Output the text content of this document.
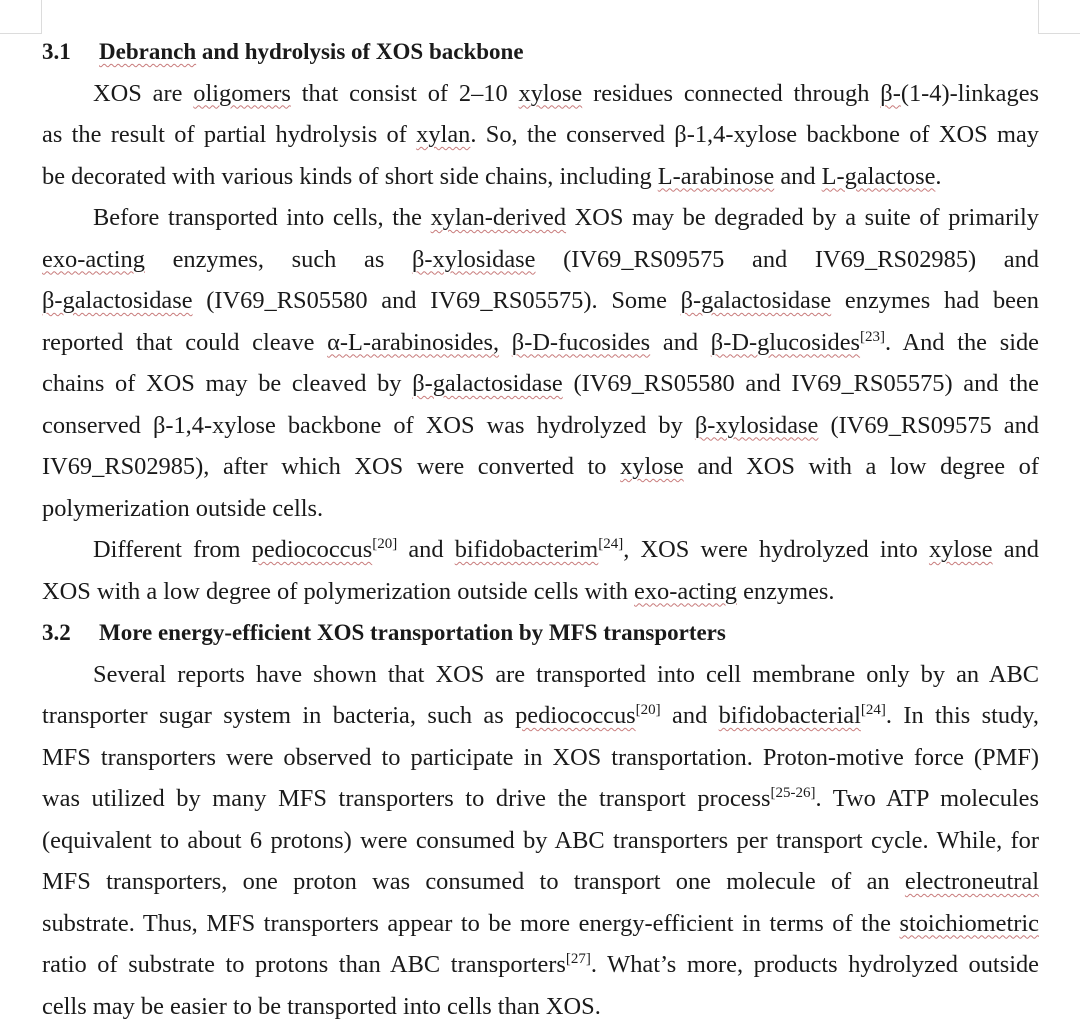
3.1 Debranch and hydrolysis of XOS backbone
XOS are oligomers that consist of 2–10 xylose residues connected through β-(1-4)-linkages
as the result of partial hydrolysis of xylan. So, the conserved β-1,4-xylose backbone of XOS may
be decorated with various kinds of short side chains, including L-arabinose and L-galactose.
Before transported into cells, the xylan-derived XOS may be degraded by a suite of primarily
exo-acting enzymes, such as β-xylosidase (IV69_RS09575 and IV69_RS02985) and
β-galactosidase (IV69_RS05580 and IV69_RS05575). Some β-galactosidase enzymes had been
reported that could cleave α-L-arabinosides, β-D-fucosides and β-D-glucosides[23]. And the side
chains of XOS may be cleaved by β-galactosidase (IV69_RS05580 and IV69_RS05575) and the
conserved β-1,4-xylose backbone of XOS was hydrolyzed by β-xylosidase (IV69_RS09575 and
IV69_RS02985), after which XOS were converted to xylose and XOS with a low degree of
polymerization outside cells.
Different from pediococcus[20] and bifidobacterim[24], XOS were hydrolyzed into xylose and
XOS with a low degree of polymerization outside cells with exo-acting enzymes.
3.2 More energy-efficient XOS transportation by MFS transporters
Several reports have shown that XOS are transported into cell membrane only by an ABC
transporter sugar system in bacteria, such as pediococcus[20] and bifidobacterial[24]. In this study,
MFS transporters were observed to participate in XOS transportation. Proton-motive force (PMF)
was utilized by many MFS transporters to drive the transport process[25-26]. Two ATP molecules
(equivalent to about 6 protons) were consumed by ABC transporters per transport cycle. While, for
MFS transporters, one proton was consumed to transport one molecule of an electroneutral
substrate. Thus, MFS transporters appear to be more energy-efficient in terms of the stoichiometric
ratio of substrate to protons than ABC transporters[27]. What’s more, products hydrolyzed outside
cells may be easier to be transported into cells than XOS.
